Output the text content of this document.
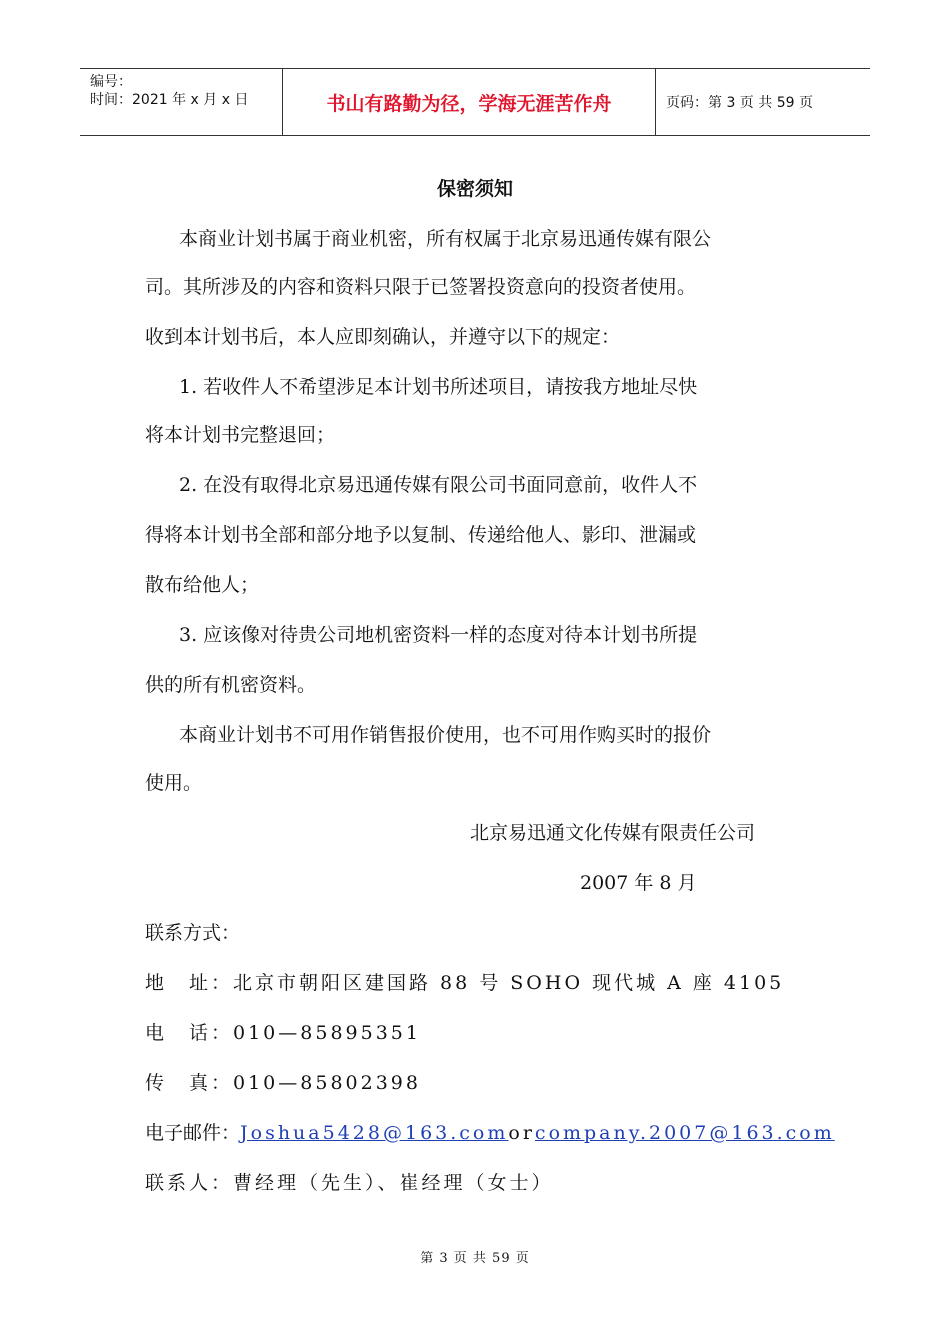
编号：
时间：2021 年 x 月 x 日	书山有路勤为径，学海无涯苦作舟	页码：第 3 页 共 59 页
保密须知
本商业计划书属于商业机密，所有权属于北京易迅通传媒有限公
司。其所涉及的内容和资料只限于已签署投资意向的投资者使用。
收到本计划书后，本人应即刻确认，并遵守以下的规定：
1. 若收件人不希望涉足本计划书所述项目，请按我方地址尽快
将本计划书完整退回；
2. 在没有取得北京易迅通传媒有限公司书面同意前，收件人不
得将本计划书全部和部分地予以复制、传递给他人、影印、泄漏或
散布给他人；
3. 应该像对待贵公司地机密资料一样的态度对待本计划书所提
供的所有机密资料。
本商业计划书不可用作销售报价使用，也不可用作购买时的报价
使用。
北京易迅通文化传媒有限责任公司
2007 年 8 月
联系方式：
地　址：北京市朝阳区建国路 88 号 SOHO 现代城 A 座 4105
电　话：010—85895351
传　真：010—85802398
电子邮件：Joshua5428@163.comorcompany.2007@163.com
联系人：曹经理（先生）、崔经理（女士）
第 3 页 共 59 页
